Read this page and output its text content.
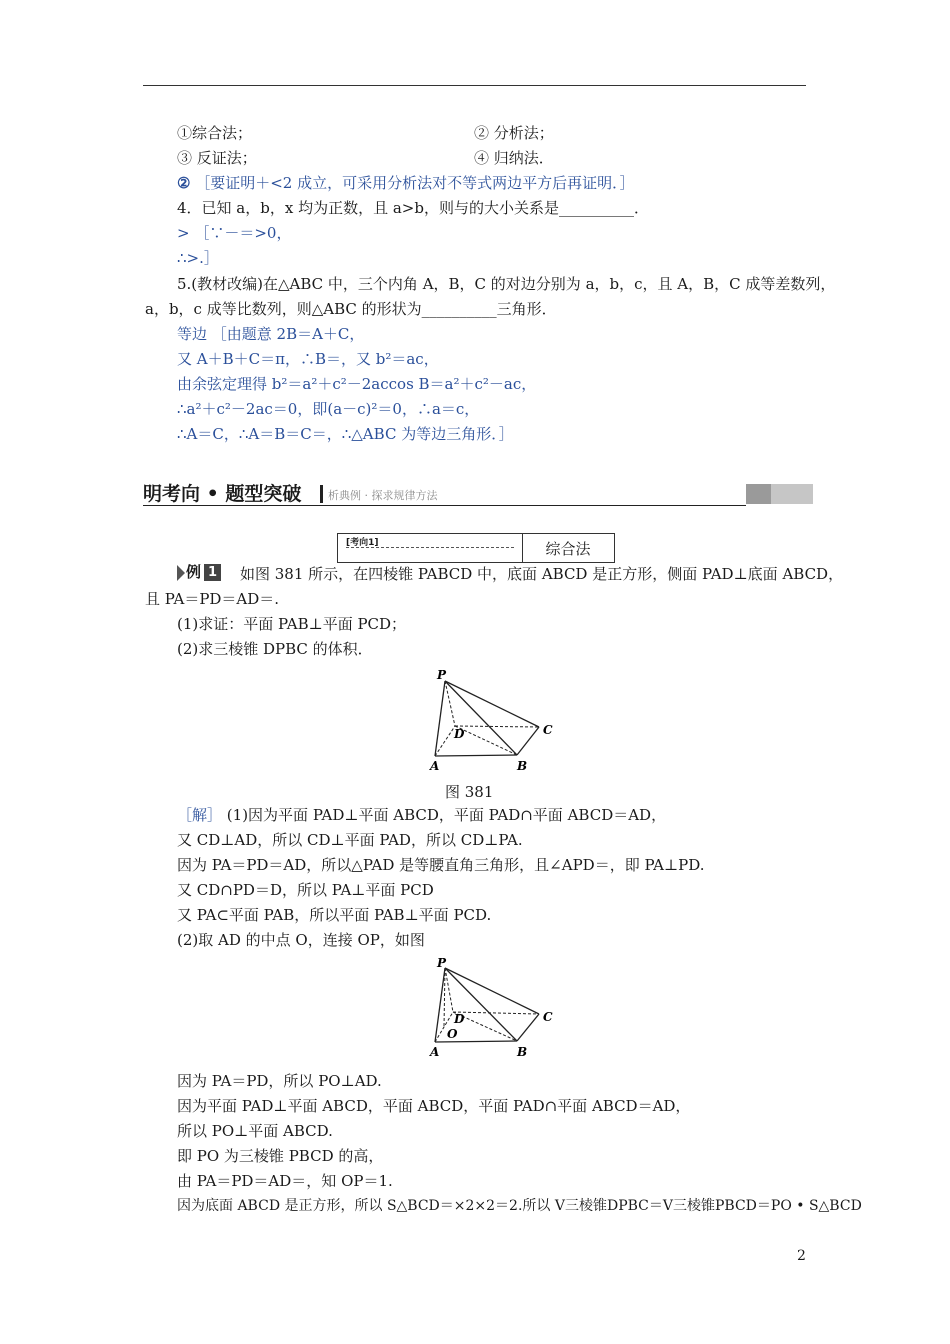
①综合法；	② 分析法；
③ 反证法；	④ 归纳法．
② ［要证明＋<2 成立，可采用分析法对不等式两边平方后再证明．］
4．已知 a，b，x 均为正数，且 a>b，则与的大小关系是__________．
> ［∵－＝>0，
∴>.］
5.(教材改编)在△ABC 中，三个内角 A，B，C 的对边分别为 a，b，c，且 A，B，C 成等差数列，
a，b，c 成等比数列，则△ABC 的形状为__________三角形．
等边 ［由题意 2B＝A＋C，
又 A＋B＋C＝π，∴B＝，又 b²＝ac，
由余弦定理得 b²＝a²＋c²－2accos B＝a²＋c²－ac，
∴a²＋c²－2ac＝0，即(a－c)²＝0，∴a＝c，
∴A＝C，∴A＝B＝C＝，∴△ABC 为等边三角形．］
明考向 • 题型突破 析典例 · 探求规律方法
[考向1]	综合法
例 1 如图 381 所示，在四棱锥 PABCD 中，底面 ABCD 是正方形，侧面 PAD⊥底面 ABCD，
且 PA＝PD＝AD＝.
(1)求证：平面 PAB⊥平面 PCD；
(2)求三棱锥 DPBC 的体积．
P
A	B
C
D
图 381
［解］ (1)因为平面 PAD⊥平面 ABCD，平面 PAD∩平面 ABCD＝AD，
又 CD⊥AD，所以 CD⊥平面 PAD，所以 CD⊥PA.
因为 PA＝PD＝AD，所以△PAD 是等腰直角三角形，且∠APD＝，即 PA⊥PD.
又 CD∩PD＝D，所以 PA⊥平面 PCD
又 PA⊂平面 PAB，所以平面 PAB⊥平面 PCD.
(2)取 AD 的中点 O，连接 OP，如图
P
A	B
C
D
O
因为 PA＝PD，所以 PO⊥AD.
因为平面 PAD⊥平面 ABCD，平面 ABCD，平面 PAD∩平面 ABCD＝AD，
所以 PO⊥平面 ABCD.
即 PO 为三棱锥 PBCD 的高，
由 PA＝PD＝AD＝，知 OP＝1.
因为底面 ABCD 是正方形，所以 S△BCD＝×2×2＝2.所以 V三棱锥DPBC＝V三棱锥PBCD＝PO • S△BCD
2
